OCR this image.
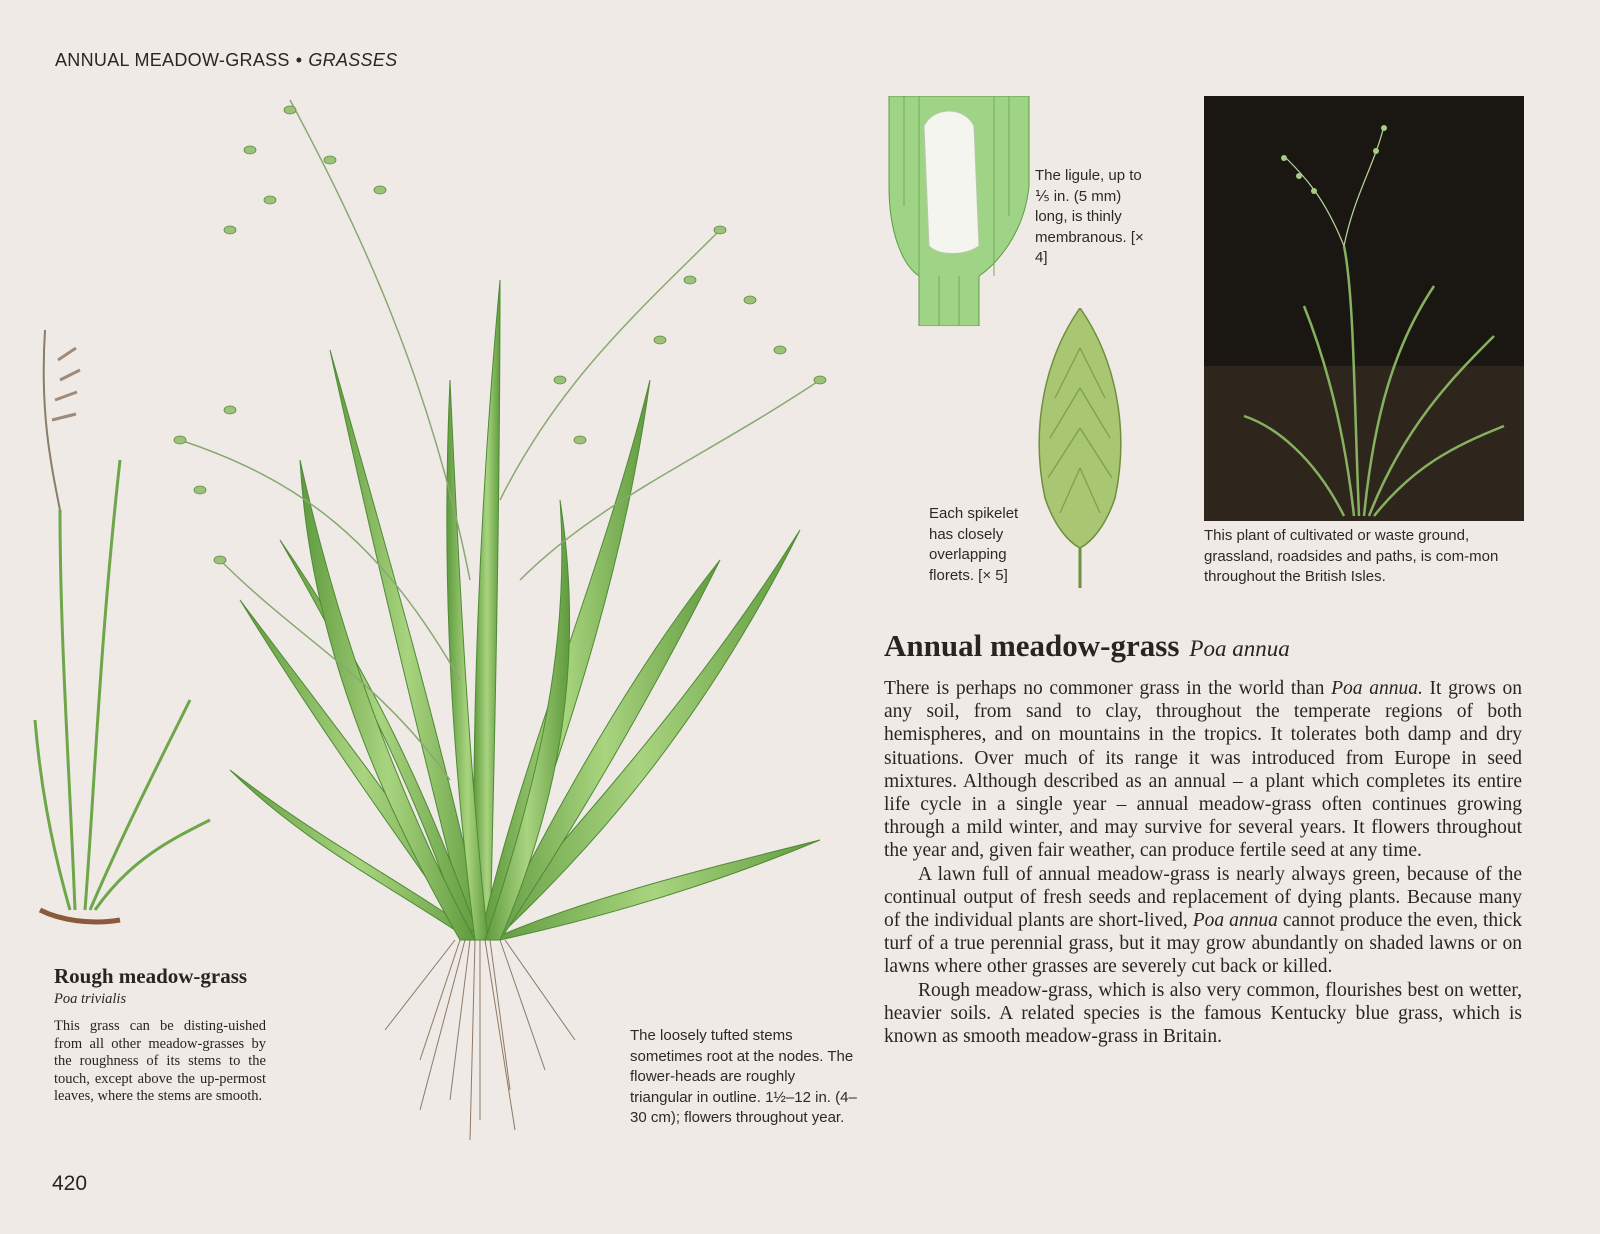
ANNUAL MEADOW-GRASS • GRASSES
The ligule, up to ⅕ in. (5 mm) long, is thinly membranous. [× 4]
Each spikelet has closely overlapping florets. [× 5]
This plant of cultivated or waste ground, grassland, roadsides and paths, is com-mon throughout the British Isles.
Rough meadow-grass
Poa trivialis
This grass can be disting-uished from all other meadow-grasses by the roughness of its stems to the touch, except above the up-permost leaves, where the stems are smooth.
The loosely tufted stems sometimes root at the nodes. The flower-heads are roughly triangular in outline. 1½–12 in. (4–30 cm); flowers throughout year.
Annual meadow-grass Poa annua

There is perhaps no commoner grass in the world than Poa annua. It grows on any soil, from sand to clay, throughout the temperate regions of both hemispheres, and on mountains in the tropics. It tolerates both damp and dry situations. Over much of its range it was introduced from Europe in seed mixtures. Although described as an annual – a plant which completes its entire life cycle in a single year – annual meadow-grass often continues growing through a mild winter, and may survive for several years. It flowers throughout the year and, given fair weather, can produce fertile seed at any time.

A lawn full of annual meadow-grass is nearly always green, because of the continual output of fresh seeds and replacement of dying plants. Because many of the individual plants are short-lived, Poa annua cannot produce the even, thick turf of a true perennial grass, but it may grow abundantly on shaded lawns or on lawns where other grasses are severely cut back or killed.

Rough meadow-grass, which is also very common, flourishes best on wetter, heavier soils. A related species is the famous Kentucky blue grass, which is known as smooth meadow-grass in Britain.

420
